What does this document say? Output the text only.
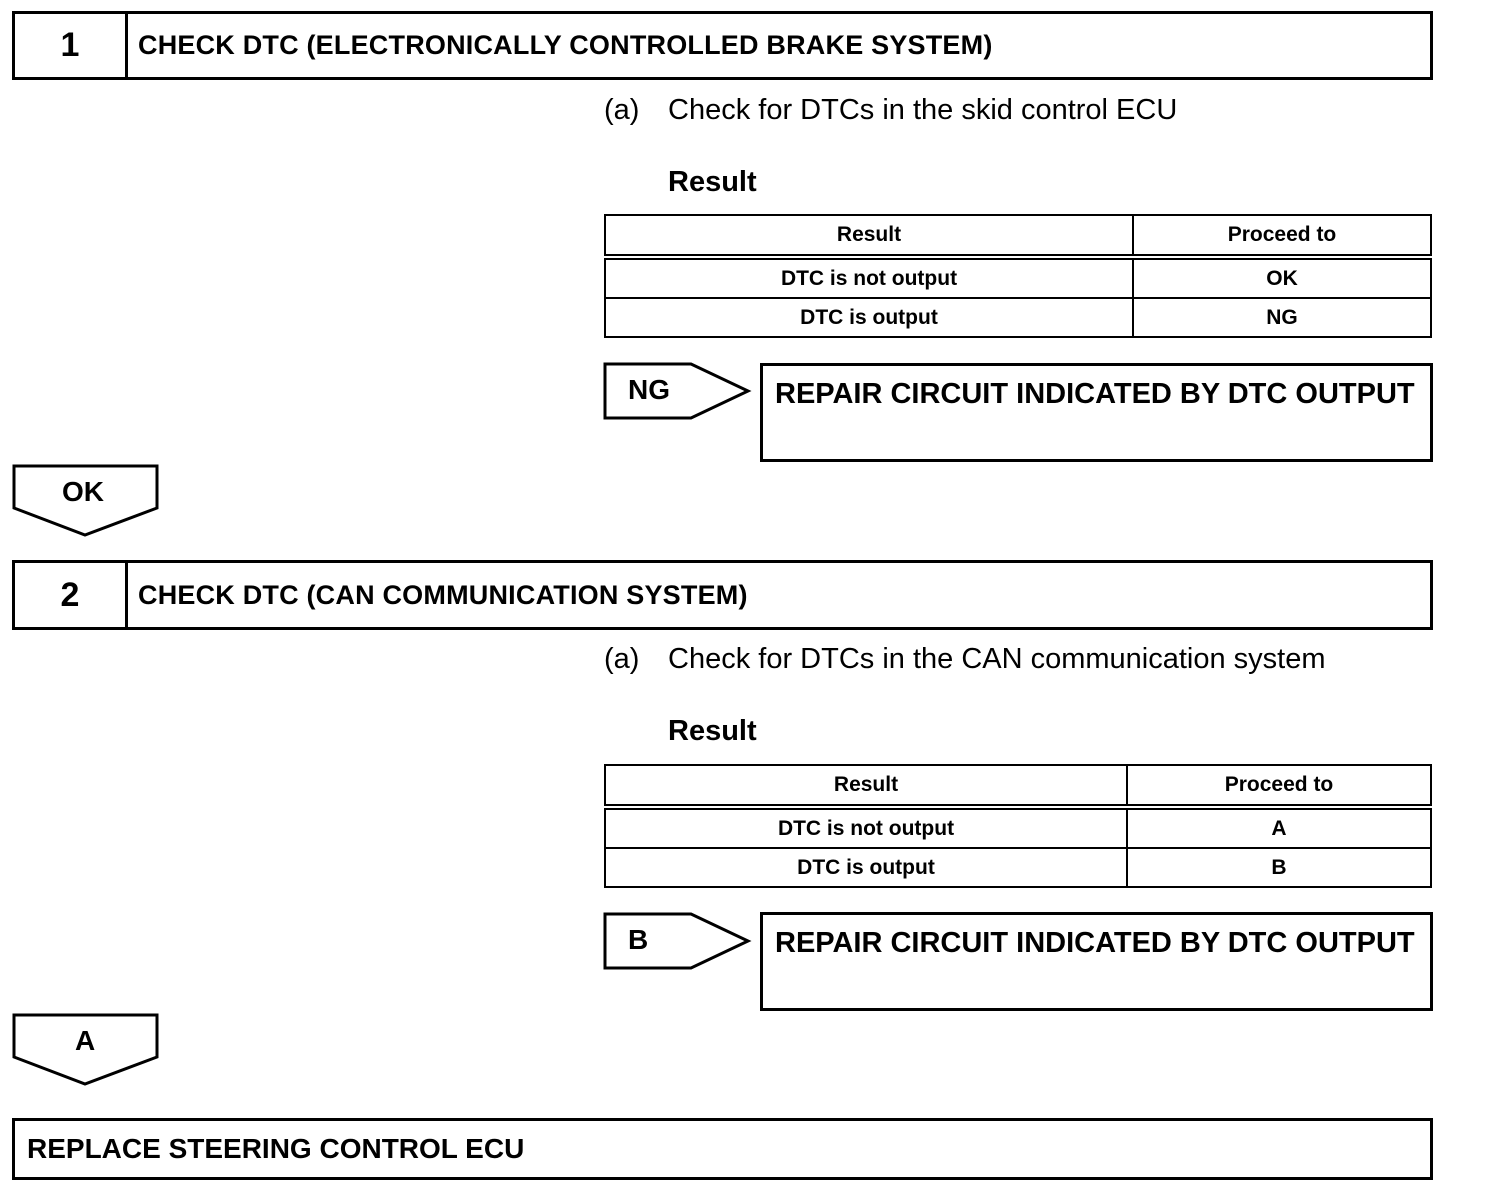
1	CHECK DTC (ELECTRONICALLY CONTROLLED BRAKE SYSTEM)
(a) Check for DTCs in the skid control ECU
Result
Result	Proceed to
DTC is not output	OK
DTC is output	NG
NG	REPAIR CIRCUIT INDICATED BY DTC OUTPUT
OK
2	CHECK DTC (CAN COMMUNICATION SYSTEM)
(a) Check for DTCs in the CAN communication system
Result
Result	Proceed to
DTC is not output	A
DTC is output	B
B	REPAIR CIRCUIT INDICATED BY DTC OUTPUT
A
REPLACE STEERING CONTROL ECU
